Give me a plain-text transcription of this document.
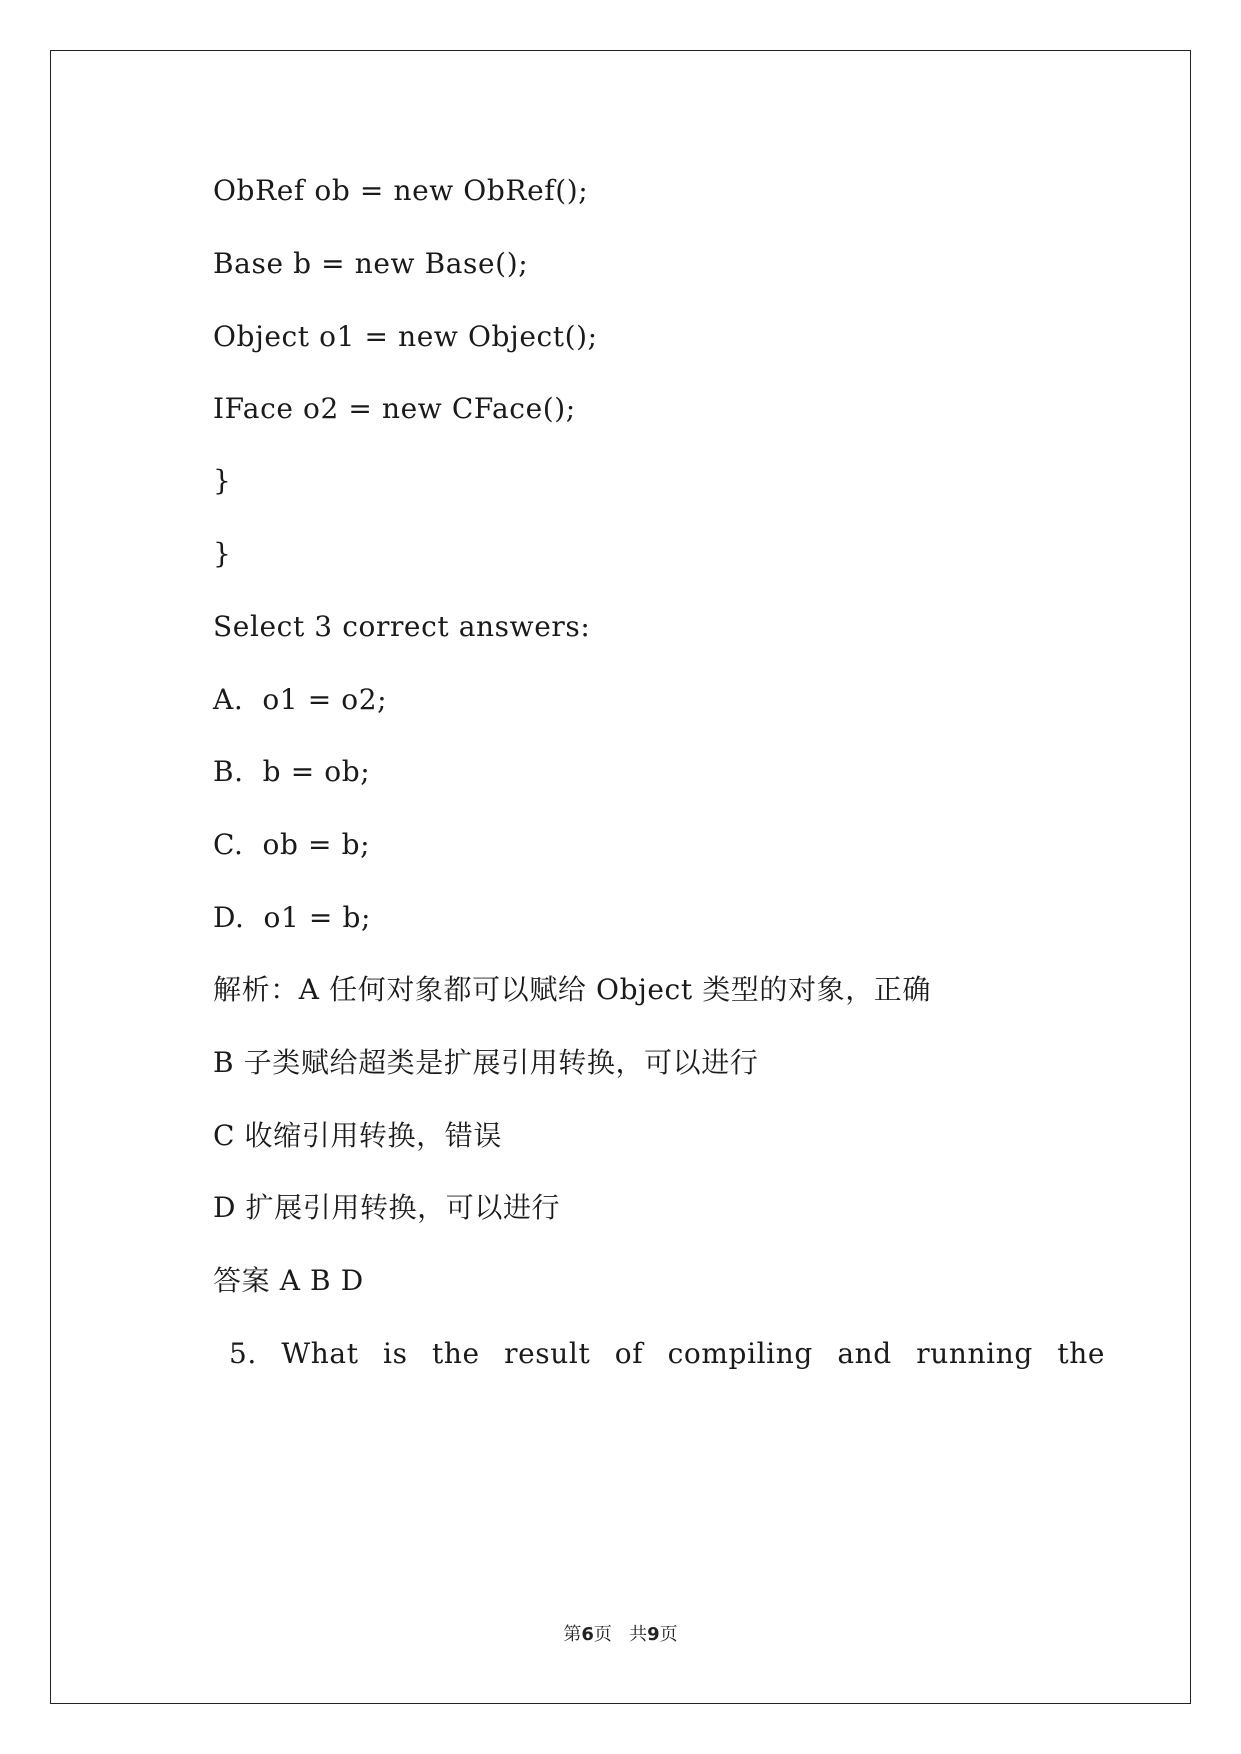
ObRef ob = new ObRef();
Base b = new Base();
Object o1 = new Object();
IFace o2 = new CFace();
}
}
Select 3 correct answers:
A.  o1 = o2;
B.  b = ob;
C.  ob = b;
D.  o1 = b;
解析：A 任何对象都可以赋给 Object 类型的对象，正确
B 子类赋给超类是扩展引用转换，可以进行
C 收缩引用转换，错误
D 扩展引用转换，可以进行
答案 A B D
5. What is the result of compiling and running the
第6页   共9页
